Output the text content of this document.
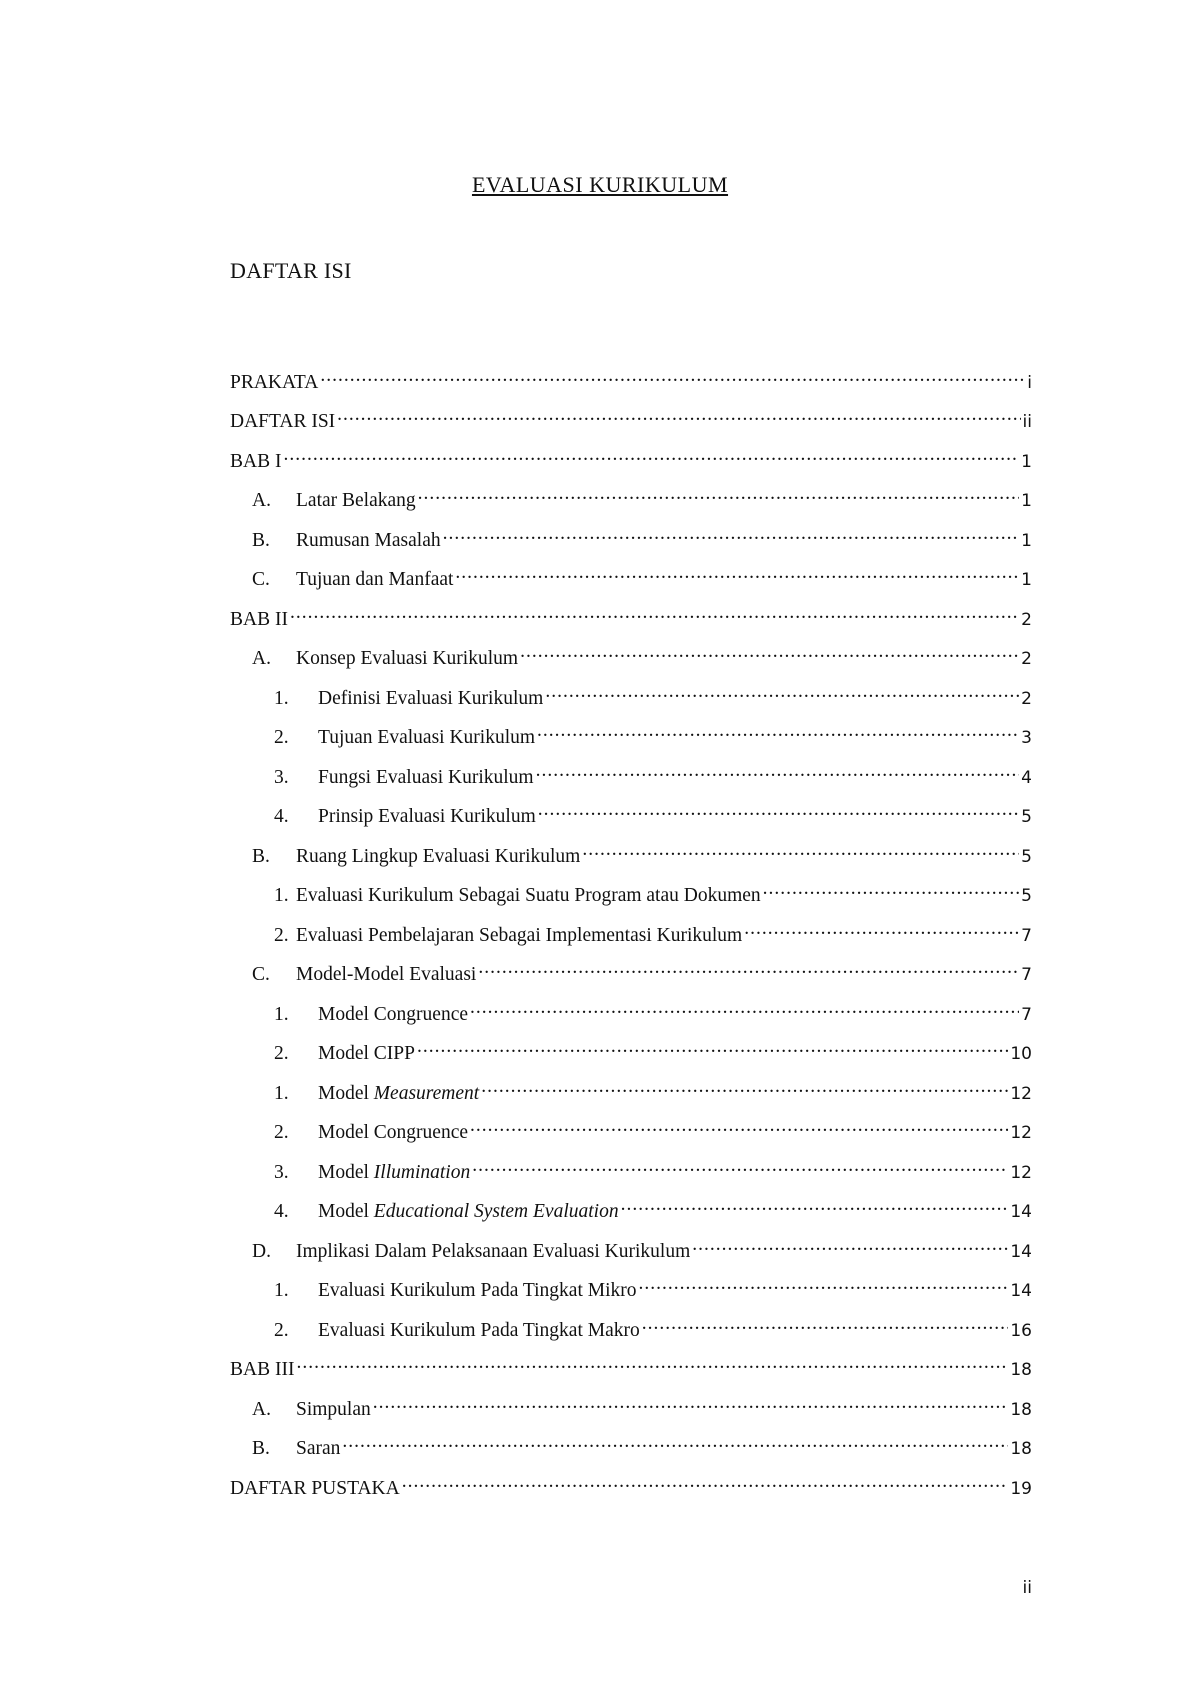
EVALUASI KURIKULUM
DAFTAR ISI
PRAKATA .....	i
DAFTAR ISI .....	ii
BAB I .....	1
A.	Latar Belakang .....	1
B.	Rumusan Masalah .....	1
C.	Tujuan dan Manfaat .....	1
BAB II .....	2
A.	Konsep Evaluasi Kurikulum .....	2
1.	Definisi Evaluasi Kurikulum .....	2
2.	Tujuan Evaluasi Kurikulum .....	3
3.	Fungsi Evaluasi Kurikulum .....	4
4.	Prinsip Evaluasi Kurikulum .....	5
B.	Ruang Lingkup Evaluasi Kurikulum .....	5
1. Evaluasi Kurikulum Sebagai Suatu Program atau Dokumen .....	5
2. Evaluasi Pembelajaran Sebagai Implementasi Kurikulum .....	7
C.	Model-Model Evaluasi .....	7
1.	Model Congruence .....	7
2.	Model CIPP .....	10
1.	Model Measurement .....	12
2.	Model Congruence .....	12
3.	Model Illumination .....	12
4.	Model Educational System Evaluation .....	14
D.	Implikasi Dalam Pelaksanaan Evaluasi Kurikulum .....	14
1.	Evaluasi Kurikulum Pada Tingkat Mikro .....	14
2.	Evaluasi Kurikulum Pada Tingkat Makro .....	16
BAB III .....	18
A.	Simpulan .....	18
B.	Saran .....	18
DAFTAR PUSTAKA .....	19
ii
